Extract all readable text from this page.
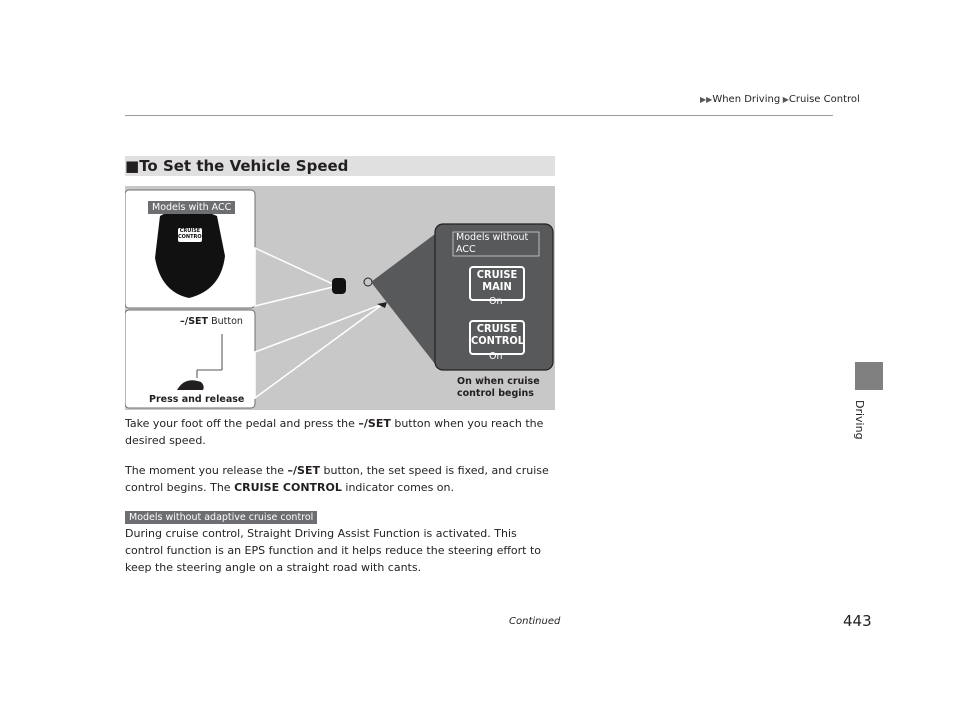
▶▶When Driving ▶Cruise Control
Driving
■To Set the Vehicle Speed
Models with ACC
CRUISE
CONTROL
–/SET Button
Press and release
Models without
ACC
CRUISE
MAIN
On
CRUISE
CONTROL
On
On when cruise
control begins
Take your foot off the pedal and press the –/SET button when you reach the desired speed.
The moment you release the –/SET button, the set speed is fixed, and cruise control begins. The CRUISE CONTROL indicator comes on.
Models without adaptive cruise control
During cruise control, Straight Driving Assist Function is activated. This control function is an EPS function and it helps reduce the steering effort to keep the steering angle on a straight road with cants.
Continued	443
